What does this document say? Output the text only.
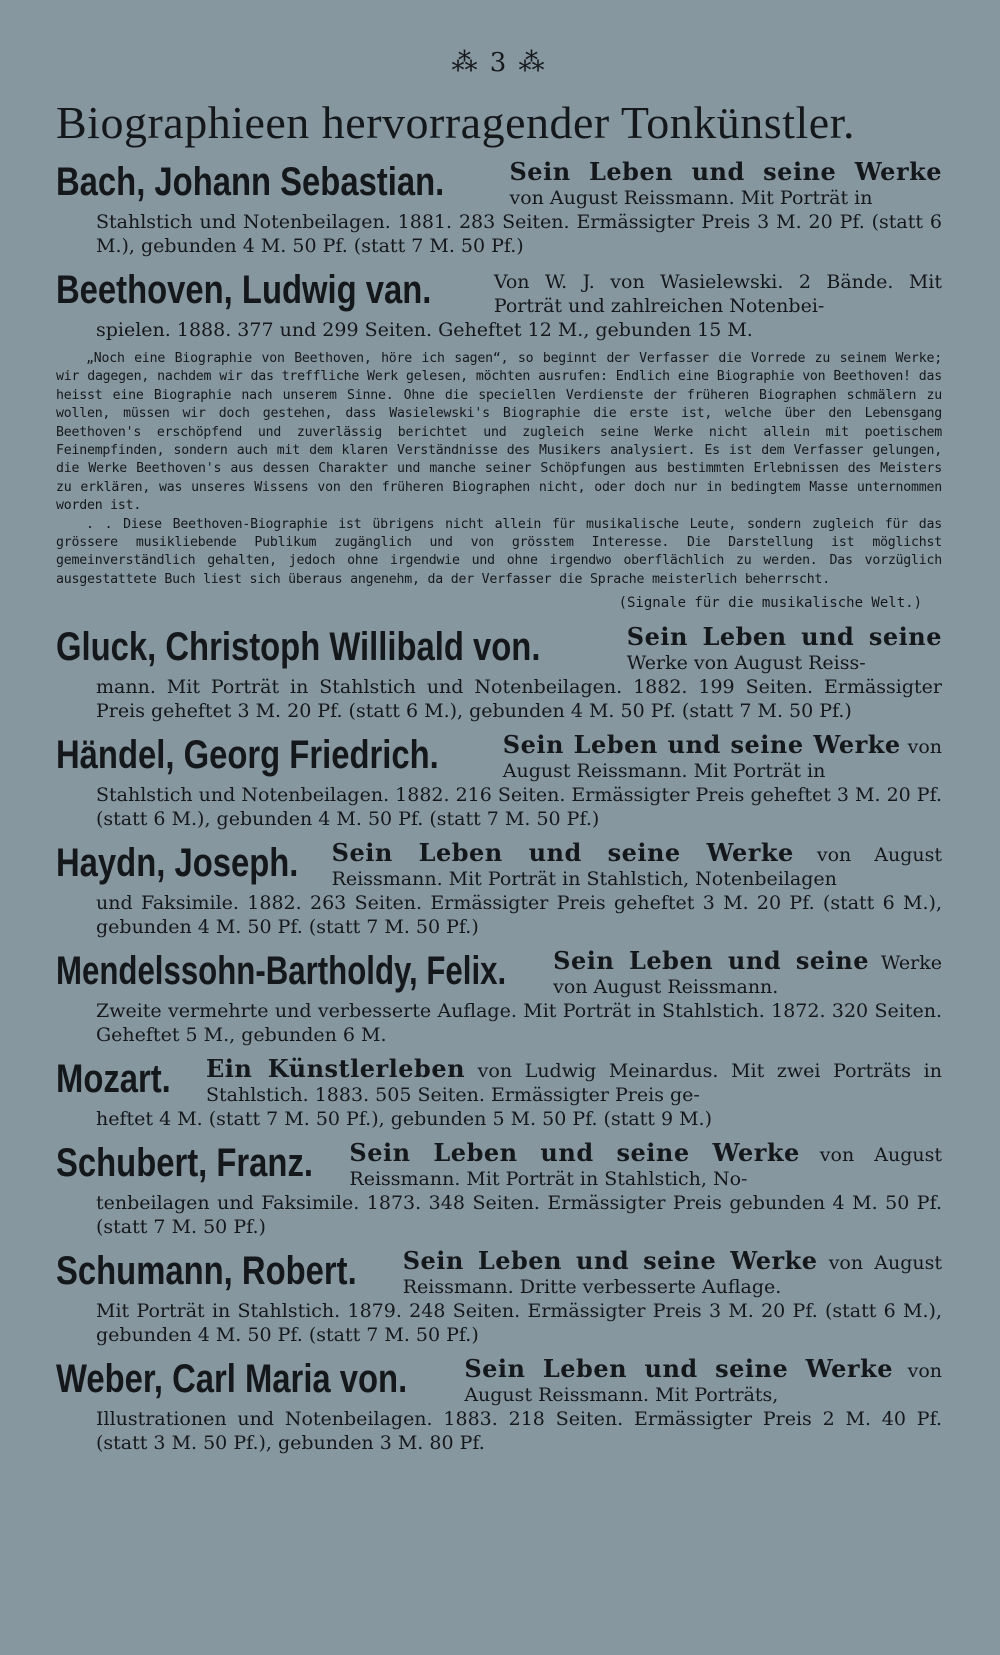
⁂ 3 ⁂
Biographieen hervorragender Tonkünstler.
Bach, Johann Sebastian.	Sein Leben und seine Werke von August Reissmann. Mit Porträt in
Stahlstich und Notenbeilagen. 1881. 283 Seiten. Ermässigter Preis 3 M. 20 Pf. (statt 6 M.), gebunden 4 M. 50 Pf. (statt 7 M. 50 Pf.)
Beethoven, Ludwig van.	Von W. J. von Wasielewski. 2 Bände. Mit Porträt und zahlreichen Notenbei-
spielen. 1888. 377 und 299 Seiten. Geheftet 12 M., gebunden 15 M.

„Noch eine Biographie von Beethoven, höre ich sagen“, so beginnt der Verfasser die Vorrede zu seinem Werke; wir dagegen, nachdem wir das treffliche Werk gelesen, möchten ausrufen: Endlich eine Biographie von Beethoven! das heisst eine Biographie nach unserem Sinne. Ohne die speciellen Verdienste der früheren Biographen schmälern zu wollen, müssen wir doch gestehen, dass Wasielewski's Biographie die erste ist, welche über den Lebensgang Beethoven's erschöpfend und zuverlässig berichtet und zugleich seine Werke nicht allein mit poetischem Feinempfinden, sondern auch mit dem klaren Verständnisse des Musikers analysiert. Es ist dem Verfasser gelungen, die Werke Beethoven's aus dessen Charakter und manche seiner Schöpfungen aus bestimmten Erlebnissen des Meisters zu erklären, was unseres Wissens von den früheren Biographen nicht, oder doch nur in bedingtem Masse unternommen worden ist.

. . Diese Beethoven-Biographie ist übrigens nicht allein für musikalische Leute, sondern zugleich für das grössere musikliebende Publikum zugänglich und von grösstem Interesse. Die Darstellung ist möglichst gemeinverständlich gehalten, jedoch ohne irgendwie und ohne irgendwo oberflächlich zu werden. Das vorzüglich ausgestattete Buch liest sich überaus angenehm, da der Verfasser die Sprache meisterlich beherrscht.

(Signale für die musikalische Welt.)
Gluck, Christoph Willibald von.	Sein Leben und seine Werke von August Reiss-
mann. Mit Porträt in Stahlstich und Notenbeilagen. 1882. 199 Seiten. Ermässigter Preis geheftet 3 M. 20 Pf. (statt 6 M.), gebunden 4 M. 50 Pf. (statt 7 M. 50 Pf.)
Händel, Georg Friedrich.	Sein Leben und seine Werke von August Reissmann. Mit Porträt in
Stahlstich und Notenbeilagen. 1882. 216 Seiten. Ermässigter Preis geheftet 3 M. 20 Pf. (statt 6 M.), gebunden 4 M. 50 Pf. (statt 7 M. 50 Pf.)
Haydn, Joseph. Sein Leben und seine Werke von August Reissmann. Mit Porträt in Stahlstich, Notenbeilagen
und Faksimile. 1882. 263 Seiten. Ermässigter Preis geheftet 3 M. 20 Pf. (statt 6 M.), gebunden 4 M. 50 Pf. (statt 7 M. 50 Pf.)
Mendelssohn-Bartholdy, Felix. Sein Leben und seine Werke von August Reissmann.
Zweite vermehrte und verbesserte Auflage. Mit Porträt in Stahlstich. 1872. 320 Seiten. Geheftet 5 M., gebunden 6 M.
Mozart. Ein Künstlerleben von Ludwig Meinardus. Mit zwei Porträts in Stahlstich. 1883. 505 Seiten. Ermässigter Preis ge-
heftet 4 M. (statt 7 M. 50 Pf.), gebunden 5 M. 50 Pf. (statt 9 M.)
Schubert, Franz. Sein Leben und seine Werke von August Reissmann. Mit Porträt in Stahlstich, No-
tenbeilagen und Faksimile. 1873. 348 Seiten. Ermässigter Preis gebunden 4 M. 50 Pf. (statt 7 M. 50 Pf.)
Schumann, Robert. Sein Leben und seine Werke von August Reissmann. Dritte verbesserte Auflage.
Mit Porträt in Stahlstich. 1879. 248 Seiten. Ermässigter Preis 3 M. 20 Pf. (statt 6 M.), gebunden 4 M. 50 Pf. (statt 7 M. 50 Pf.)
Weber, Carl Maria von. Sein Leben und seine Werke von August Reissmann. Mit Porträts,
Illustrationen und Notenbeilagen. 1883. 218 Seiten. Ermässigter Preis 2 M. 40 Pf. (statt 3 M. 50 Pf.), gebunden 3 M. 80 Pf.
